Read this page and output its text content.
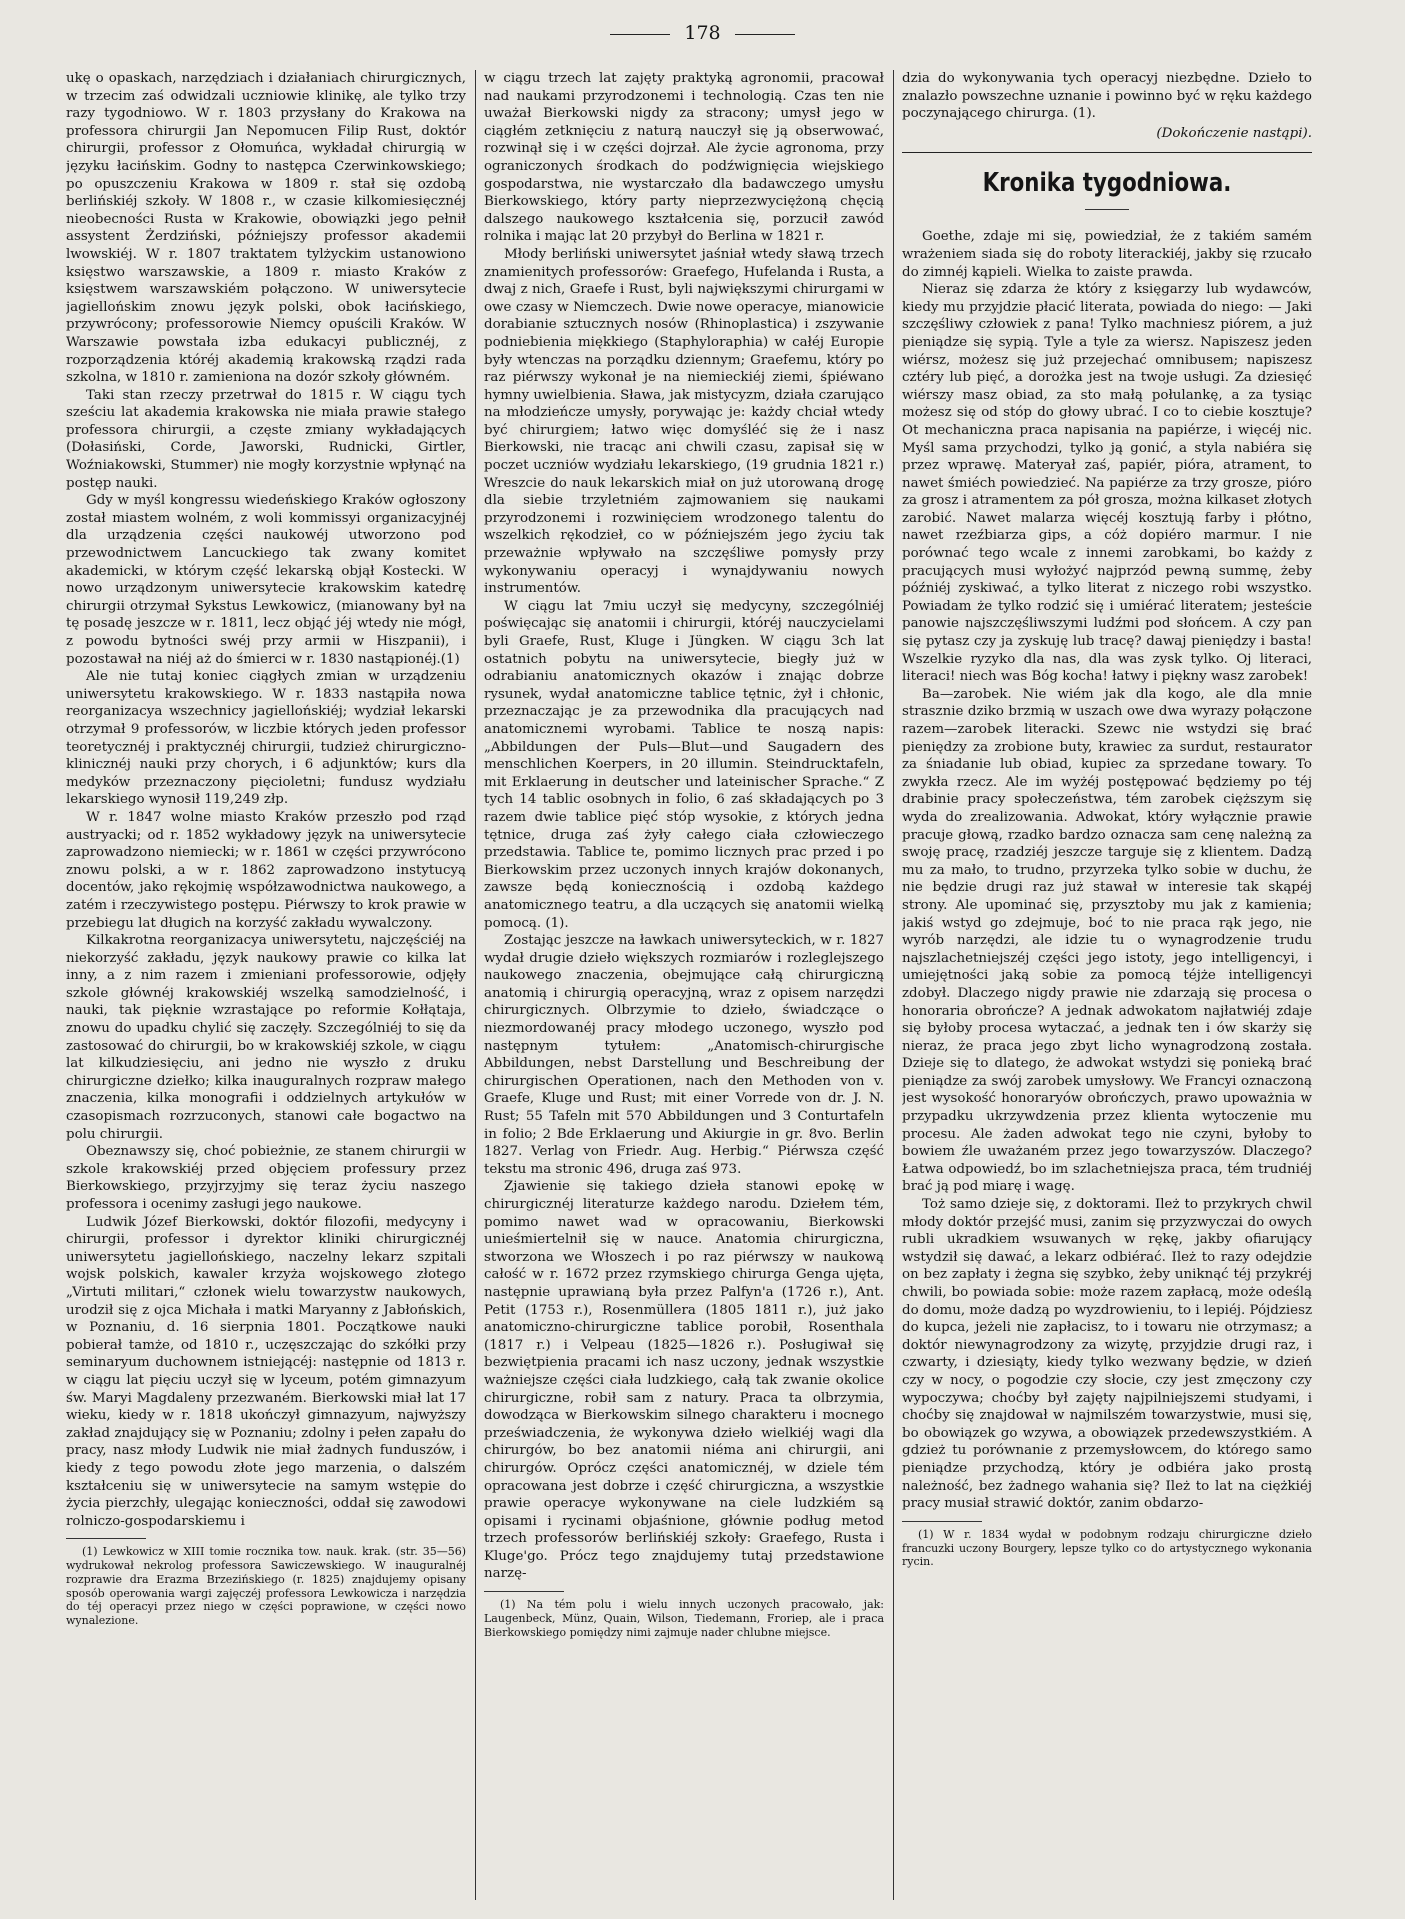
178

ukę o opaskach, narzędziach i działaniach chirurgicznych, w trzecim zaś odwidzali uczniowie klinikę, ale tylko trzy razy tygodniowo. W r. 1803 przysłany do Krakowa na professora chirurgii Jan Nepomucen Filip Rust, doktór chirurgii, professor z Ołomuńca, wykładał chirurgią w języku łacińskim. Godny to następca Czerwinkowskiego; po opuszczeniu Krakowa w 1809 r. stał się ozdobą berlińskiéj szkoły. W 1808 r., w czasie kilkomiesięcznéj nieobecności Rusta w Krakowie, obowiązki jego pełnił assystent Żerdziński, późniejszy professor akademii lwowskiéj. W r. 1807 traktatem tylżyckim ustanowiono księstwo warszawskie, a 1809 r. miasto Kraków z księstwem warszawskiém połączono. W uniwersytecie jagiellońskim znowu język polski, obok łacińskiego, przywrócony; professorowie Niemcy opuścili Kraków. W Warszawie powstała izba edukacyi publicznéj, z rozporządzenia któréj akademią krakowską rządzi rada szkolna, w 1810 r. zamieniona na dozór szkoły główném.

Taki stan rzeczy przetrwał do 1815 r. W ciągu tych sześciu lat akademia krakowska nie miała prawie stałego professora chirurgii, a częste zmiany wykładających (Dołasiński, Corde, Jaworski, Rudnicki, Girtler, Woźniakowski, Stummer) nie mogły korzystnie wpłynąć na postęp nauki.

Gdy w myśl kongressu wiedeńskiego Kraków ogłoszony został miastem wolném, z woli kommissyi organizacyjnéj dla urządzenia części naukowéj utworzono pod przewodnictwem Lancuckiego tak zwany komitet akademicki, w którym część lekarską objął Kostecki. W nowo urządzonym uniwersytecie krakowskim katedrę chirurgii otrzymał Sykstus Lewkowicz, (mianowany był na tę posadę jeszcze w r. 1811, lecz objąć jéj wtedy nie mógł, z powodu bytności swéj przy armii w Hiszpanii), i pozostawał na niéj aż do śmierci w r. 1830 nastąpionéj.(1)

Ale nie tutaj koniec ciągłych zmian w urządzeniu uniwersytetu krakowskiego. W r. 1833 nastąpiła nowa reorganizacya wszechnicy jagiellońskiéj; wydział lekarski otrzymał 9 professorów, w liczbie których jeden professor teoretycznéj i praktycznéj chirurgii, tudzież chirurgiczno-klinicznéj nauki przy chorych, i 6 adjunktów; kurs dla medyków przeznaczony pięcioletni; fundusz wydziału lekarskiego wynosił 119,249 złp.

W r. 1847 wolne miasto Kraków przeszło pod rząd austryacki; od r. 1852 wykładowy język na uniwersytecie zaprowadzono niemiecki; w r. 1861 w części przywrócono znowu polski, a w r. 1862 zaprowadzono instytucyą docentów, jako rękojmię współzawodnictwa naukowego, a zatém i rzeczywistego postępu. Piérwszy to krok prawie w przebiegu lat długich na korzyść zakładu wywalczony.

Kilkakrotna reorganizacya uniwersytetu, najczęściéj na niekorzyść zakładu, język naukowy prawie co kilka lat inny, a z nim razem i zmieniani professorowie, odjęły szkole głównéj krakowskiéj wszelką samodzielność, i nauki, tak pięknie wzrastające po reformie Kołłątaja, znowu do upadku chylić się zaczęły. Szczególniéj to się da zastosować do chirurgii, bo w krakowskiéj szkole, w ciągu lat kilkudziesięciu, ani jedno nie wyszło z druku chirurgiczne dziełko; kilka inauguralnych rozpraw małego znaczenia, kilka monografii i oddzielnych artykułów w czasopismach rozrzuconych, stanowi całe bogactwo na polu chirurgii.

Obeznawszy się, choć pobieżnie, ze stanem chirurgii w szkole krakowskiéj przed objęciem professury przez Bierkowskiego, przyjrzyjmy się teraz życiu naszego professora i ocenimy zasługi jego naukowe.

Ludwik Józef Bierkowski, doktór filozofii, medycyny i chirurgii, professor i dyrektor kliniki chirurgicznéj uniwersytetu jagiellońskiego, naczelny lekarz szpitali wojsk polskich, kawaler krzyża wojskowego złotego „Virtuti militari,“ członek wielu towarzystw naukowych, urodził się z ojca Michała i matki Maryanny z Jabłońskich, w Poznaniu, d. 16 sierpnia 1801. Początkowe nauki pobierał tamże, od 1810 r., uczęszczając do szkółki przy seminaryum duchownem istniejącéj: następnie od 1813 r. w ciągu lat pięciu uczył się w lyceum, potém gimnazyum św. Maryi Magdaleny przezwaném. Bierkowski miał lat 17 wieku, kiedy w r. 1818 ukończył gimnazyum, najwyższy zakład znajdujący się w Poznaniu; zdolny i pełen zapału do pracy, nasz młody Ludwik nie miał żadnych funduszów, i kiedy z tego powodu złote jego marzenia, o dalszém kształceniu się w uniwersytecie na samym wstępie do życia pierzchły, ulegając konieczności, oddał się zawodowi rolniczo-gospodarskiemu i

(1) Lewkowicz w XIII tomie rocznika tow. nauk. krak. (str. 35—56) wydrukował nekrolog professora Sawiczewskiego. W inauguralnéj rozprawie dra Erazma Brzezińskiego (r. 1825) znajdujemy opisany sposób operowania wargi zajęczéj professora Lewkowicza i narzędzia do téj operacyi przez niego w części poprawione, w części nowo wynalezione.

w ciągu trzech lat zajęty praktyką agronomii, pracował nad naukami przyrodzonemi i technologią. Czas ten nie uważał Bierkowski nigdy za stracony; umysł jego w ciągłém zetknięciu z naturą nauczył się ją obserwować, rozwinął się i w części dojrzał. Ale życie agronoma, przy ograniczonych środkach do podźwignięcia wiejskiego gospodarstwa, nie wystarczało dla badawczego umysłu Bierkowskiego, który party nieprzezwyciężoną chęcią dalszego naukowego kształcenia się, porzucił zawód rolnika i mając lat 20 przybył do Berlina w 1821 r.

Młody berliński uniwersytet jaśniał wtedy sławą trzech znamienitych professorów: Graefego, Hufelanda i Rusta, a dwaj z nich, Graefe i Rust, byli największymi chirurgami w owe czasy w Niemczech. Dwie nowe operacye, mianowicie dorabianie sztucznych nosów (Rhinoplastica) i zszywanie podniebienia miękkiego (Staphyloraphia) w całéj Europie były wtenczas na porządku dziennym; Graefemu, który po raz piérwszy wykonał je na niemieckiéj ziemi, śpiéwano hymny uwielbienia. Sława, jak mistycyzm, działa czarująco na młodzieńcze umysły, porywając je: każdy chciał wtedy być chirurgiem; łatwo więc domyśléć się że i nasz Bierkowski, nie tracąc ani chwili czasu, zapisał się w poczet uczniów wydziału lekarskiego, (19 grudnia 1821 r.) Wreszcie do nauk lekarskich miał on już utorowaną drogę dla siebie trzyletniém zajmowaniem się naukami przyrodzonemi i rozwinięciem wrodzonego talentu do wszelkich rękodzieł, co w późniejszém jego życiu tak przeważnie wpływało na szczęśliwe pomysły przy wykonywaniu operacyj i wynajdywaniu nowych instrumentów.

W ciągu lat 7miu uczył się medycyny, szczególniéj poświęcając się anatomii i chirurgii, któréj nauczycielami byli Graefe, Rust, Kluge i Jüngken. W ciągu 3ch lat ostatnich pobytu na uniwersytecie, biegły już w odrabianiu anatomicznych okazów i znając dobrze rysunek, wydał anatomiczne tablice tętnic, żył i chłonic, przeznaczając je za przewodnika dla pracujących nad anatomicznemi wyrobami. Tablice te noszą napis: „Abbildungen der Puls—Blut—und Saugadern des menschlichen Koerpers, in 20 illumin. Steindrucktafeln, mit Erklaerung in deutscher und lateinischer Sprache.“ Z tych 14 tablic osobnych in folio, 6 zaś składających po 3 razem dwie tablice pięć stóp wysokie, z których jedna tętnice, druga zaś żyły całego ciała człowieczego przedstawia. Tablice te, pomimo licznych prac przed i po Bierkowskim przez uczonych innych krajów dokonanych, zawsze będą koniecznością i ozdobą każdego anatomicznego teatru, a dla uczących się anatomii wielką pomocą. (1).

Zostając jeszcze na ławkach uniwersyteckich, w r. 1827 wydał drugie dzieło większych rozmiarów i rozleglejszego naukowego znaczenia, obejmujące całą chirurgiczną anatomią i chirurgią operacyjną, wraz z opisem narzędzi chirurgicznych. Olbrzymie to dzieło, świadczące o niezmordowanéj pracy młodego uczonego, wyszło pod następnym tytułem: „Anatomisch-chirurgische Abbildungen, nebst Darstellung und Beschreibung der chirurgischen Operationen, nach den Methoden von v. Graefe, Kluge und Rust; mit einer Vorrede von dr. J. N. Rust; 55 Tafeln mit 570 Abbildungen und 3 Conturtafeln in folio; 2 Bde Erklaerung und Akiurgie in gr. 8vo. Berlin 1827. Verlag von Friedr. Aug. Herbig.“ Piérwsza część tekstu ma stronic 496, druga zaś 973.

Zjawienie się takiego dzieła stanowi epokę w chirurgicznéj literaturze każdego narodu. Dziełem tém, pomimo nawet wad w opracowaniu, Bierkowski unieśmiertelnił się w nauce. Anatomia chirurgiczna, stworzona we Włoszech i po raz piérwszy w naukową całość w r. 1672 przez rzymskiego chirurga Genga ujęta, następnie uprawianą była przez Palfyn'a (1726 r.), Ant. Petit (1753 r.), Rosenmüllera (1805 1811 r.), już jako anatomiczno-chirurgiczne tablice porobił, Rosenthala (1817 r.) i Velpeau (1825—1826 r.). Posługiwał się bezwiętpienia pracami ich nasz uczony, jednak wszystkie ważniejsze części ciała ludzkiego, całą tak zwanie okolice chirurgiczne, robił sam z natury. Praca ta olbrzymia, dowodząca w Bierkowskim silnego charakteru i mocnego przeświadczenia, że wykonywa dzieło wielkiéj wagi dla chirurgów, bo bez anatomii niéma ani chirurgii, ani chirurgów. Oprócz części anatomicznéj, w dziele tém opracowana jest dobrze i część chirurgiczna, a wszystkie prawie operacye wykonywane na ciele ludzkiém są opisami i rycinami objaśnione, głównie podług metod trzech professorów berlińskiéj szkoły: Graefego, Rusta i Kluge'go. Prócz tego znajdujemy tutaj przedstawione narzę-

(1) Na tém polu i wielu innych uczonych pracowało, jak: Laugenbeck, Münz, Quain, Wilson, Tiedemann, Froriep, ale i praca Bierkowskiego pomiędzy nimi zajmuje nader chlubne miejsce.

dzia do wykonywania tych operacyj niezbędne. Dzieło to znalazło powszechne uznanie i powinno być w ręku każdego poczynającego chirurga. (1).

(Dokończenie nastąpi).
Kronika tygodniowa.

Goethe, zdaje mi się, powiedział, że z takiém samém wrażeniem siada się do roboty literackiéj, jakby się rzucało do zimnéj kąpieli. Wielka to zaiste prawda.

Nieraz się zdarza że który z księgarzy lub wydawców, kiedy mu przyjdzie płacić literata, powiada do niego: — Jaki szczęśliwy człowiek z pana! Tylko machniesz piórem, a już pieniądze się sypią. Tyle a tyle za wiersz. Napiszesz jeden wiérsz, możesz się już przejechać omnibusem; napiszesz cztéry lub pięć, a dorożka jest na twoje usługi. Za dziesięć wiérszy masz obiad, za sto małą połulankę, a za tysiąc możesz się od stóp do głowy ubrać. I co to ciebie kosztuje? Ot mechaniczna praca napisania na papiérze, i więcéj nic. Myśl sama przychodzi, tylko ją gonić, a styla nabiéra się przez wprawę. Materyał zaś, papiér, pióra, atrament, to nawet śmiéch powiedzieć. Na papiérze za trzy grosze, pióro za grosz i atramentem za pół grosza, można kilkaset złotych zarobić. Nawet malarza więcéj kosztują farby i płótno, nawet rzeźbiarza gips, a cóż dopiéro marmur. I nie porównać tego wcale z innemi zarobkami, bo każdy z pracujących musi wyłożyć najprzód pewną summę, żeby późniéj zyskiwać, a tylko literat z niczego robi wszystko. Powiadam że tylko rodzić się i umiérać literatem; jesteście panowie najszczęśliwszymi ludźmi pod słońcem. A czy pan się pytasz czy ja zyskuję lub tracę? dawaj pieniędzy i basta! Wszelkie ryzyko dla nas, dla was zysk tylko. Oj literaci, literaci! niech was Bóg kocha! łatwy i piękny wasz zarobek!

Ba—zarobek. Nie wiém jak dla kogo, ale dla mnie strasznie dziko brzmią w uszach owe dwa wyrazy połączone razem—zarobek literacki. Szewc nie wstydzi się brać pieniędzy za zrobione buty, krawiec za surdut, restaurator za śniadanie lub obiad, kupiec za sprzedane towary. To zwykła rzecz. Ale im wyżéj postępować będziemy po téj drabinie pracy społeczeństwa, tém zarobek cięższym się wyda do zrealizowania. Adwokat, który wyłącznie prawie pracuje głową, rzadko bardzo oznacza sam cenę należną za swoję pracę, rzadziéj jeszcze targuje się z klientem. Dadzą mu za mało, to trudno, przyrzeka tylko sobie w duchu, że nie będzie drugi raz już stawał w interesie tak skąpéj strony. Ale upominać się, przysztoby mu jak z kamienia; jakiś wstyd go zdejmuje, boć to nie praca rąk jego, nie wyrób narzędzi, ale idzie tu o wynagrodzenie trudu najszlachetniejszéj części jego istoty, jego intelligencyi, i umiejętności jaką sobie za pomocą téjże intelligencyi zdobył. Dlaczego nigdy prawie nie zdarzają się procesa o honoraria obrończe? A jednak adwokatom najłatwiéj zdaje się byłoby procesa wytaczać, a jednak ten i ów skarży się nieraz, że praca jego zbyt licho wynagrodzoną została. Dzieje się to dlatego, że adwokat wstydzi się ponieką brać pieniądze za swój zarobek umysłowy. We Francyi oznaczoną jest wysokość honoraryów obrończych, prawo upoważnia w przypadku ukrzywdzenia przez klienta wytoczenie mu procesu. Ale żaden adwokat tego nie czyni, byłoby to bowiem źle uważaném przez jego towarzyszów. Dlaczego? Łatwa odpowiedź, bo im szlachetniejsza praca, tém trudniéj brać ją pod miarę i wagę.

Toż samo dzieje się, z doktorami. Ileż to przykrych chwil młody doktór przejść musi, zanim się przyzwyczai do owych rubli ukradkiem wsuwanych w rękę, jakby ofiarujący wstydził się dawać, a lekarz odbiérać. Ileż to razy odejdzie on bez zapłaty i żegna się szybko, żeby uniknąć téj przykréj chwili, bo powiada sobie: może razem zapłacą, może odeślą do domu, może dadzą po wyzdrowieniu, to i lepiéj. Pójdziesz do kupca, jeżeli nie zapłacisz, to i towaru nie otrzymasz; a doktór niewynagrodzony za wizytę, przyjdzie drugi raz, i czwarty, i dziesiąty, kiedy tylko wezwany będzie, w dzień czy w nocy, o pogodzie czy słocie, czy jest zmęczony czy wypoczywa; choćby był zajęty najpilniejszemi studyami, i choćby się znajdował w najmilszém towarzystwie, musi się, bo obowiązek go wzywa, a obowiązek przedewszystkiém. A gdzież tu porównanie z przemysłowcem, do którego samo pieniądze przychodzą, który je odbiéra jako prostą należność, bez żadnego wahania się? Ileż to lat na ciężkiéj pracy musiał strawić doktór, zanim obdarzo-

(1) W r. 1834 wydał w podobnym rodzaju chirurgiczne dzieło francuzki uczony Bourgery, lepsze tylko co do artystycznego wykonania rycin.
